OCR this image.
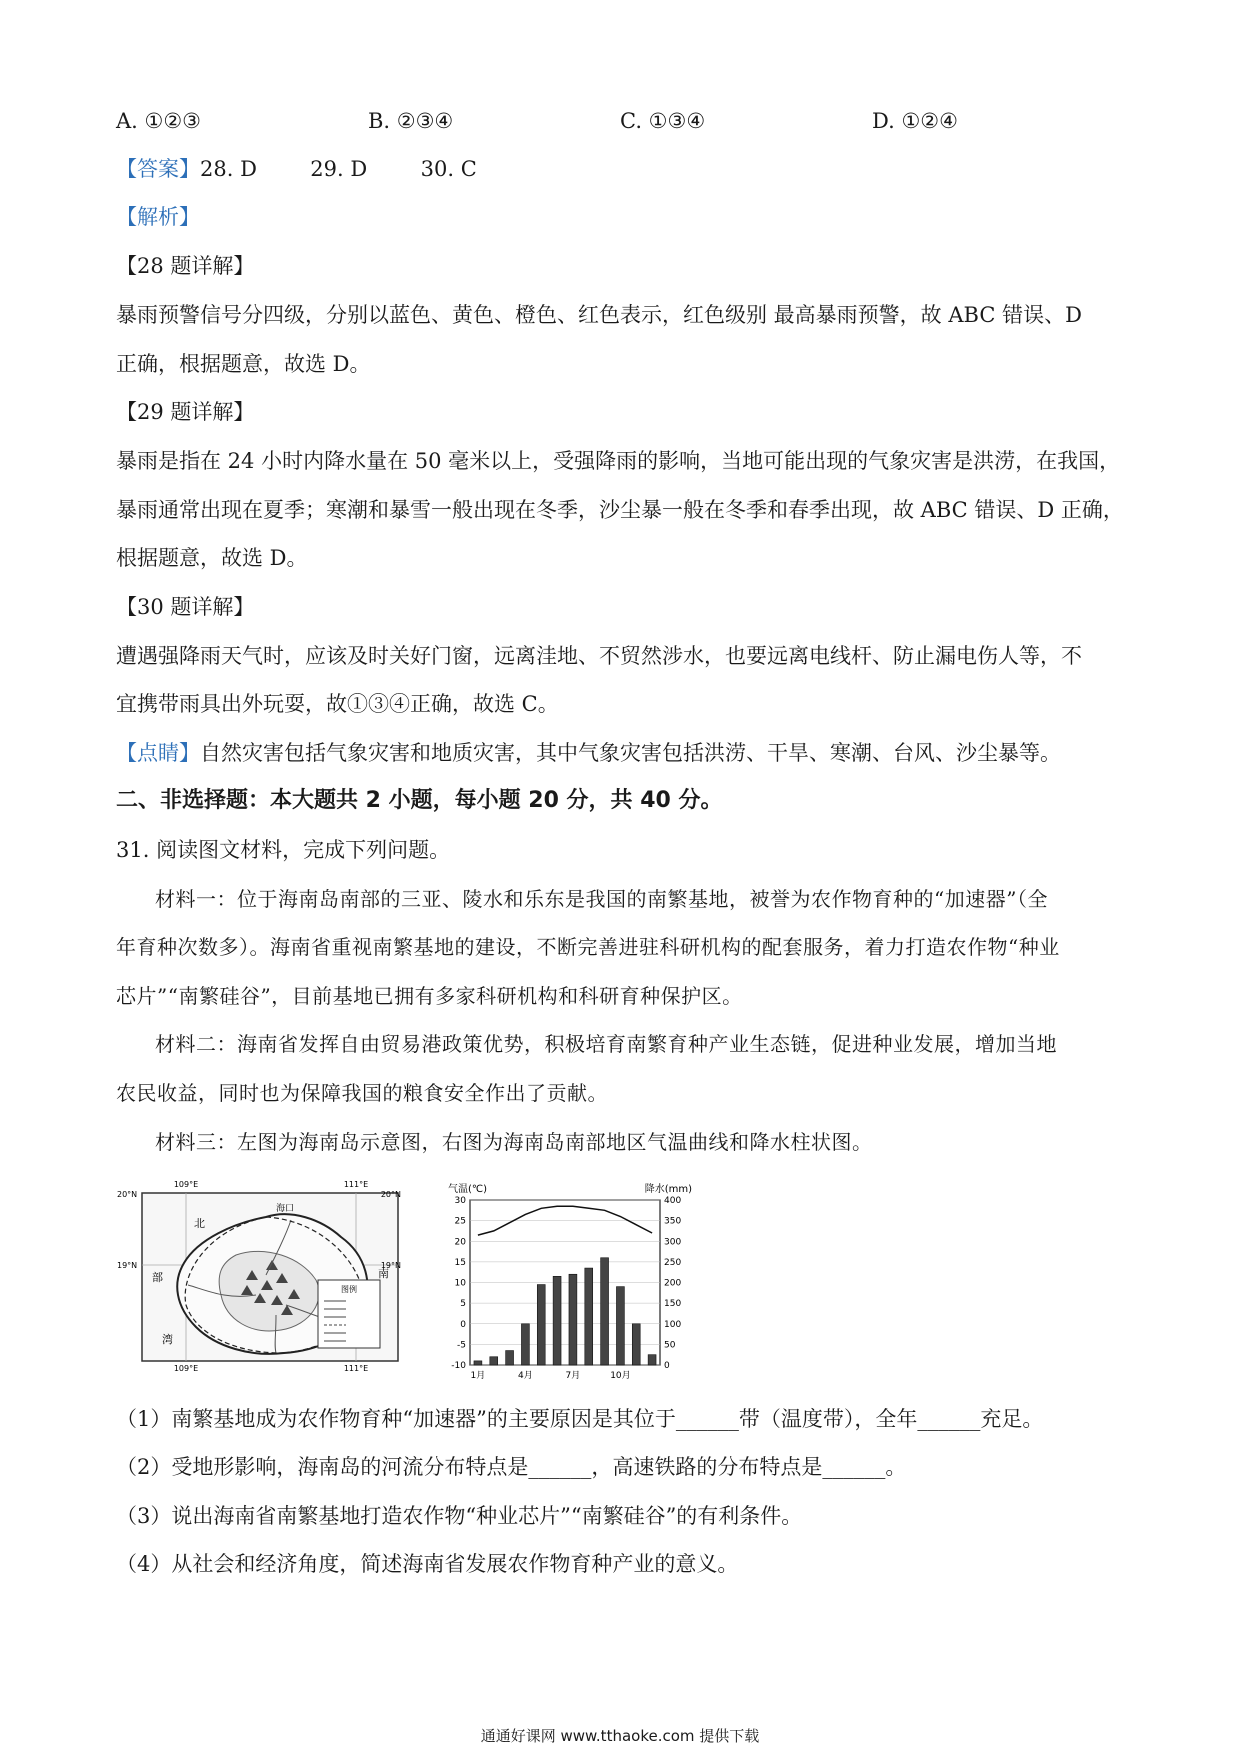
A. ①②③	B. ②③④	C. ①③④	D. ①②④
【答案】28. D        29. D        30. C
【解析】
【28 题详解】
暴雨预警信号分四级，分别以蓝色、黄色、橙色、红色表示，红色级别 最高暴雨预警，故 ABC 错误、D
正确，根据题意，故选 D。
【29 题详解】
暴雨是指在 24 小时内降水量在 50 毫米以上，受强降雨的影响，当地可能出现的气象灾害是洪涝，在我国，
暴雨通常出现在夏季；寒潮和暴雪一般出现在冬季，沙尘暴一般在冬季和春季出现，故 ABC 错误、D 正确，
根据题意，故选 D。
【30 题详解】
遭遇强降雨天气时，应该及时关好门窗，远离洼地、不贸然涉水，也要远离电线杆、防止漏电伤人等，不
宜携带雨具出外玩耍，故①③④正确，故选 C。
【点睛】自然灾害包括气象灾害和地质灾害，其中气象灾害包括洪涝、干旱、寒潮、台风、沙尘暴等。
二、非选择题：本大题共 2 小题，每小题 20 分，共 40 分。
31. 阅读图文材料，完成下列问题。
材料一：位于海南岛南部的三亚、陵水和乐东是我国的南繁基地，被誉为农作物育种的“加速器”（全
年育种次数多）。海南省重视南繁基地的建设，不断完善进驻科研机构的配套服务，着力打造农作物“种业
芯片”“南繁硅谷”，目前基地已拥有多家科研机构和科研育种保护区。
材料二：海南省发挥自由贸易港政策优势，积极培育南繁育种产业生态链，促进种业发展，增加当地
农民收益，同时也为保障我国的粮食安全作出了贡献。
材料三：左图为海南岛示意图，右图为海南岛南部地区气温曲线和降水柱状图。
图例
109°E	111°E
20°N	20°N
19°N	19°N
海口
北
南
部
湾
109°E	111°E
气温(℃)	降水(mm)
30
25
20
15
10
5
0
-5
-10
400
350
300
250
200
150
100
50
0
1月	4月	7月	10月
（1）南繁基地成为农作物育种“加速器”的主要原因是其位于______带（温度带），全年______充足。
（2）受地形影响，海南岛的河流分布特点是______，高速铁路的分布特点是______。
（3）说出海南省南繁基地打造农作物“种业芯片”“南繁硅谷”的有利条件。
（4）从社会和经济角度，简述海南省发展农作物育种产业的意义。
通通好课网 www.tthaoke.com 提供下载
